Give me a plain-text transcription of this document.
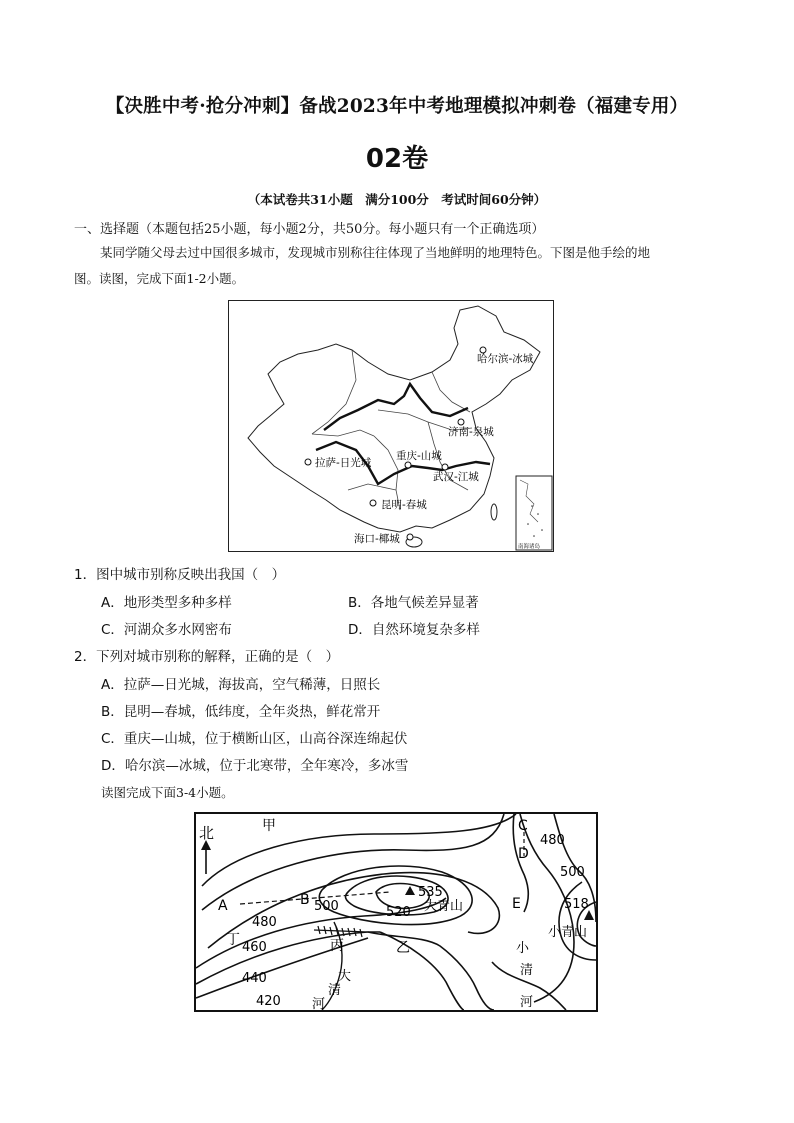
【决胜中考·抢分冲刺】备战2023年中考地理模拟冲刺卷（福建专用）
02卷
（本试卷共31小题　满分100分　考试时间60分钟）
一、选择题（本题包括25小题，每小题2分，共50分。每小题只有一个正确选项）
某同学随父母去过中国很多城市，发现城市别称往往体现了当地鲜明的地理特色。下图是他手绘的地
图。读图，完成下面1-2小题。
哈尔滨-冰城
济南-泉城
重庆-山城
拉萨-日光城
武汉-江城
昆明-春城
海口-椰城
南海诸岛
1．图中城市别称反映出我国（　）
A．地形类型多种多样	B．各地气候差异显著
C．河湖众多水网密布	D．自然环境复杂多样
2．下列对城市别称的解释，正确的是（　）
A．拉萨—日光城，海拔高，空气稀薄，日照长
B．昆明—春城，低纬度，全年炎热，鲜花常开
C．重庆—山城，位于横断山区，山高谷深连绵起伏
D．哈尔滨—冰城，位于北寒带，全年寒冷，多冰雪
读图完成下面3-4小题。
北	甲
乙
丙
丁
A	B
C
D
E
535
大青山	518
小青山
480
460
440
420
500	520
480
500
大
清
河
小
清
河
